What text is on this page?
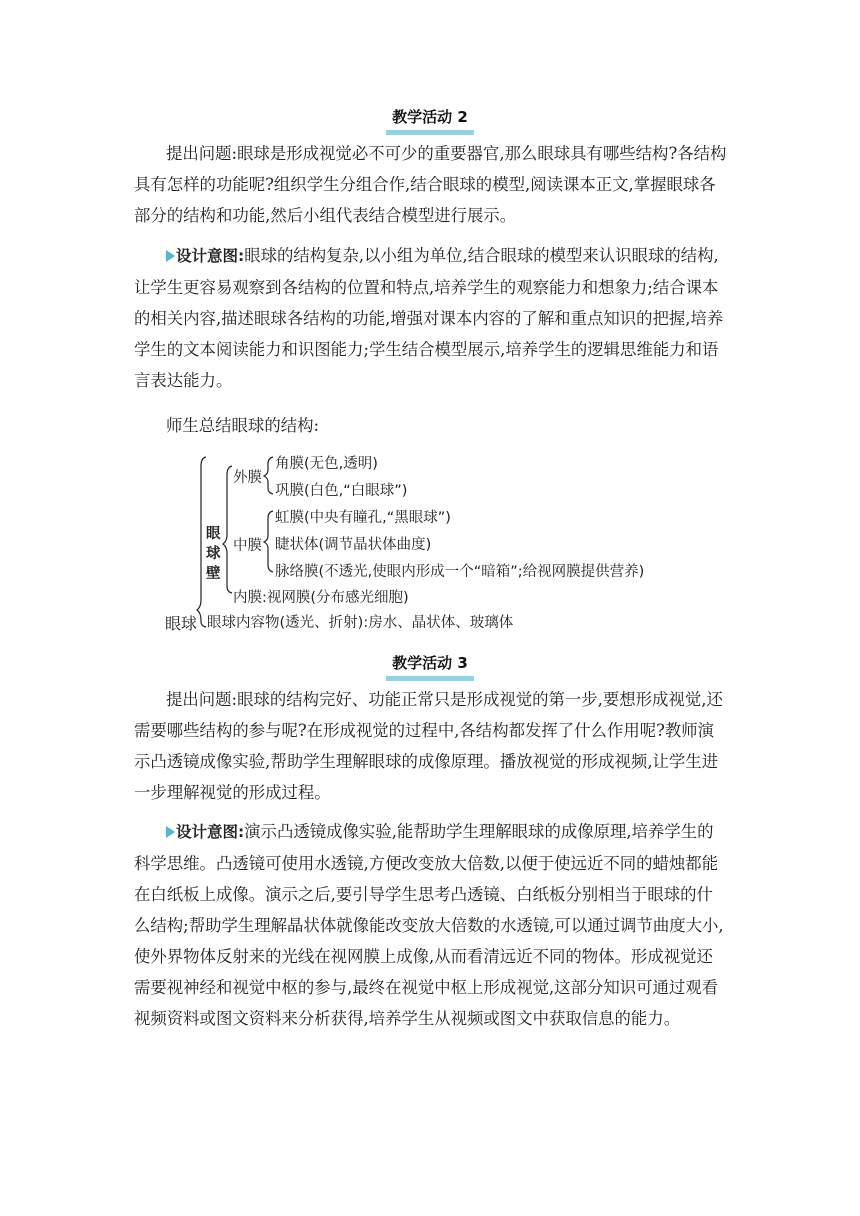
教学活动 2

提出问题:眼球是形成视觉必不可少的重要器官,那么眼球具有哪些结构?各结构具有怎样的功能呢?组织学生分组合作,结合眼球的模型,阅读课本正文,掌握眼球各部分的结构和功能,然后小组代表结合模型进行展示。

设计意图:眼球的结构复杂,以小组为单位,结合眼球的模型来认识眼球的结构,让学生更容易观察到各结构的位置和特点,培养学生的观察能力和想象力;结合课本的相关内容,描述眼球各结构的功能,增强对课本内容的了解和重点知识的把握,培养学生的文本阅读能力和识图能力;学生结合模型展示,培养学生的逻辑思维能力和语言表达能力。

师生总结眼球的结构:

眼球
眼
球
壁
外膜
角膜(无色,透明)
巩膜(白色,“白眼球”)
中膜
虹膜(中央有瞳孔,“黑眼球”)
睫状体(调节晶状体曲度)
脉络膜(不透光,使眼内形成一个“暗箱”;给视网膜提供营养)
内膜:视网膜(分布感光细胞)
眼球内容物(透光、折射):房水、晶状体、玻璃体
教学活动 3

提出问题:眼球的结构完好、功能正常只是形成视觉的第一步,要想形成视觉,还需要哪些结构的参与呢?在形成视觉的过程中,各结构都发挥了什么作用呢?教师演示凸透镜成像实验,帮助学生理解眼球的成像原理。播放视觉的形成视频,让学生进一步理解视觉的形成过程。

设计意图:演示凸透镜成像实验,能帮助学生理解眼球的成像原理,培养学生的科学思维。凸透镜可使用水透镜,方便改变放大倍数,以便于使远近不同的蜡烛都能在白纸板上成像。演示之后,要引导学生思考凸透镜、白纸板分别相当于眼球的什么结构;帮助学生理解晶状体就像能改变放大倍数的水透镜,可以通过调节曲度大小,使外界物体反射来的光线在视网膜上成像,从而看清远近不同的物体。形成视觉还需要视神经和视觉中枢的参与,最终在视觉中枢上形成视觉,这部分知识可通过观看视频资料或图文资料来分析获得,培养学生从视频或图文中获取信息的能力。
